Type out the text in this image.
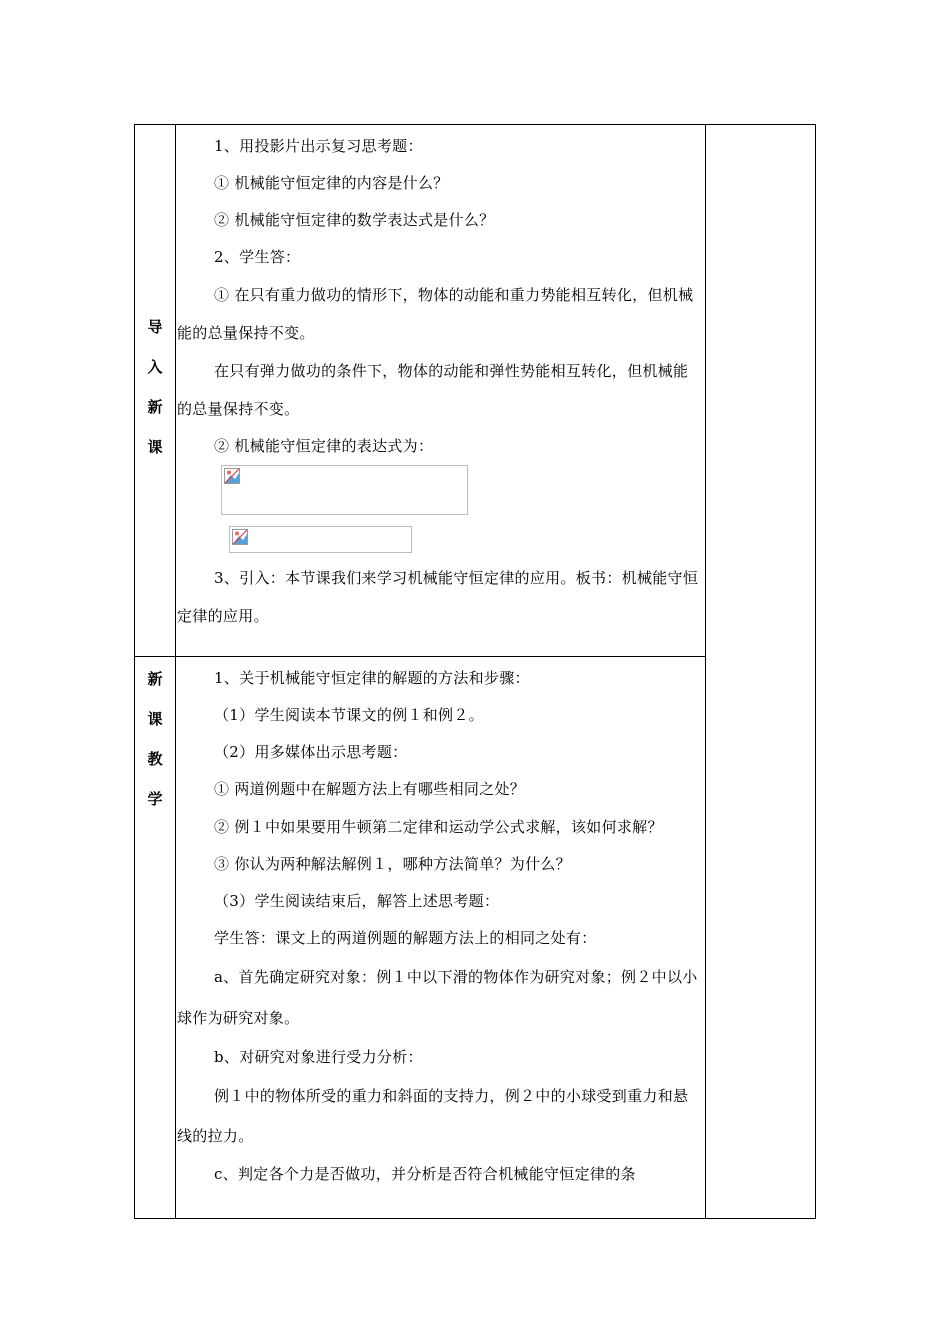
导
入
新
课

1、用投影片出示复习思考题：

① 机械能守恒定律的内容是什么？

② 机械能守恒定律的数学表达式是什么？

2、学生答：

① 在只有重力做功的情形下，物体的动能和重力势能相互转化，但机械能的总量保持不变。

在只有弹力做功的条件下，物体的动能和弹性势能相互转化，但机械能的总量保持不变。

② 机械能守恒定律的表达式为：

3、引入：本节课我们来学习机械能守恒定律的应用。板书：机械能守恒定律的应用。

新
课
教
学

1、关于机械能守恒定律的解题的方法和步骤：

（1）学生阅读本节课文的例１和例２。

（2）用多媒体出示思考题：

① 两道例题中在解题方法上有哪些相同之处？

② 例１中如果要用牛顿第二定律和运动学公式求解，该如何求解？

③ 你认为两种解法解例１，哪种方法简单？为什么？

（3）学生阅读结束后，解答上述思考题：

学生答：课文上的两道例题的解题方法上的相同之处有：

a、首先确定研究对象：例１中以下滑的物体作为研究对象；例２中以小球作为研究对象。

b、对研究对象进行受力分析：

例１中的物体所受的重力和斜面的支持力，例２中的小球受到重力和悬线的拉力。

c、判定各个力是否做功，并分析是否符合机械能守恒定律的条
